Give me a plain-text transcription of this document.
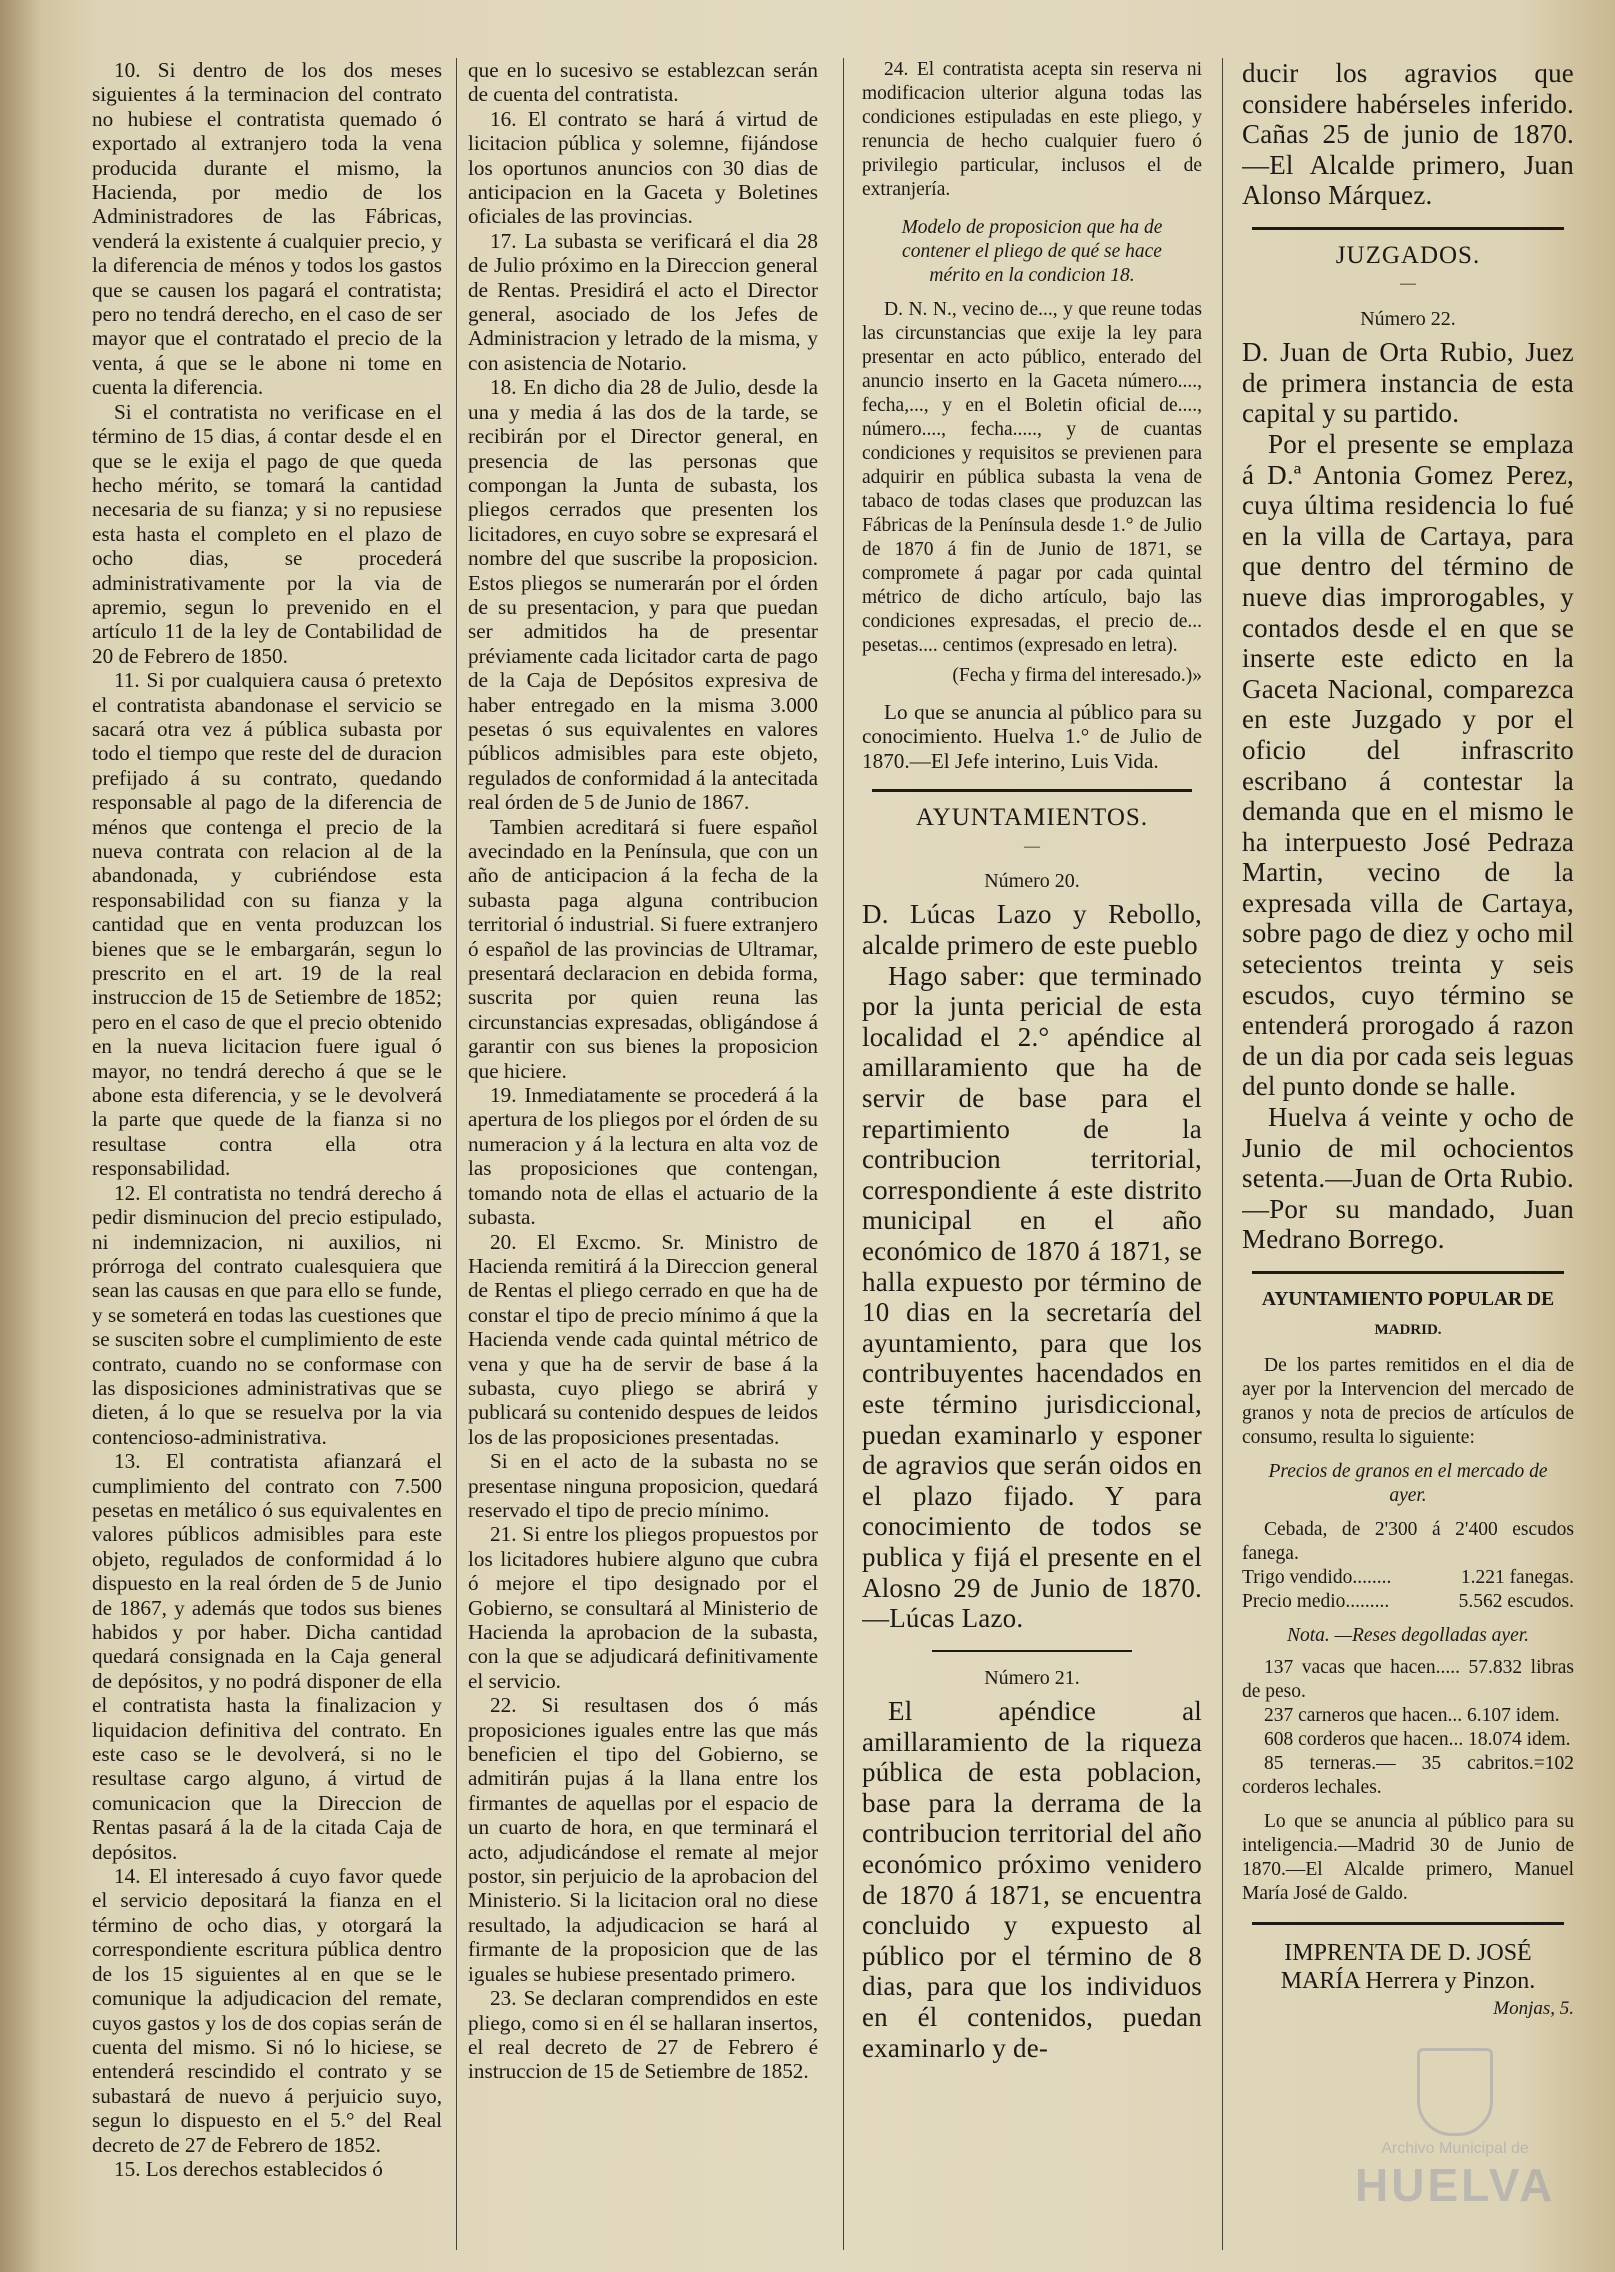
10. Si dentro de los dos meses siguientes á la terminacion del contrato no hubiese el contratista quemado ó exportado al extranjero toda la vena producida durante el mismo, la Hacienda, por medio de los Administradores de las Fábricas, venderá la existente á cualquier precio, y la diferencia de ménos y todos los gastos que se causen los pagará el contratista; pero no tendrá derecho, en el caso de ser mayor que el contratado el precio de la venta, á que se le abone ni tome en cuenta la diferencia.

Si el contratista no verificase en el término de 15 dias, á contar desde el en que se le exija el pago de que queda hecho mérito, se tomará la cantidad necesaria de su fianza; y si no repusiese esta hasta el completo en el plazo de ocho dias, se procederá administrativamente por la via de apremio, segun lo prevenido en el artículo 11 de la ley de Contabilidad de 20 de Febrero de 1850.

11. Si por cualquiera causa ó pretexto el contratista abandonase el servicio se sacará otra vez á pública subasta por todo el tiempo que reste del de duracion prefijado á su contrato, quedando responsable al pago de la diferencia de ménos que contenga el precio de la nueva contrata con relacion al de la abandonada, y cubriéndose esta responsabilidad con su fianza y la cantidad que en venta produzcan los bienes que se le embargarán, segun lo prescrito en el art. 19 de la real instruccion de 15 de Setiembre de 1852; pero en el caso de que el precio obtenido en la nueva licitacion fuere igual ó mayor, no tendrá derecho á que se le abone esta diferencia, y se le devolverá la parte que quede de la fianza si no resultase contra ella otra responsabilidad.

12. El contratista no tendrá derecho á pedir disminucion del precio estipulado, ni indemnizacion, ni auxilios, ni prórroga del contrato cualesquiera que sean las causas en que para ello se funde, y se someterá en todas las cuestiones que se susciten sobre el cumplimiento de este contrato, cuando no se conformase con las disposiciones administrativas que se dieten, á lo que se resuelva por la via contencioso-administrativa.

13. El contratista afianzará el cumplimiento del contrato con 7.500 pesetas en metálico ó sus equivalentes en valores públicos admisibles para este objeto, regulados de conformidad á lo dispuesto en la real órden de 5 de Junio de 1867, y además que todos sus bienes habidos y por haber. Dicha cantidad quedará consignada en la Caja general de depósitos, y no podrá disponer de ella el contratista hasta la finalizacion y liquidacion definitiva del contrato. En este caso se le devolverá, si no le resultase cargo alguno, á virtud de comunicacion que la Direccion de Rentas pasará á la de la citada Caja de depósitos.

14. El interesado á cuyo favor quede el servicio depositará la fianza en el término de ocho dias, y otorgará la correspondiente escritura pública dentro de los 15 siguientes al en que se le comunique la adjudicacion del remate, cuyos gastos y los de dos copias serán de cuenta del mismo. Si nó lo hiciese, se entenderá rescindido el contrato y se subastará de nuevo á perjuicio suyo, segun lo dispuesto en el 5.° del Real decreto de 27 de Febrero de 1852.

15. Los derechos establecidos ó

que en lo sucesivo se establezcan serán de cuenta del contratista.

16. El contrato se hará á virtud de licitacion pública y solemne, fijándose los oportunos anuncios con 30 dias de anticipacion en la Gaceta y Boletines oficiales de las provincias.

17. La subasta se verificará el dia 28 de Julio próximo en la Direccion general de Rentas. Presidirá el acto el Director general, asociado de los Jefes de Administracion y letrado de la misma, y con asistencia de Notario.

18. En dicho dia 28 de Julio, desde la una y media á las dos de la tarde, se recibirán por el Director general, en presencia de las personas que compongan la Junta de subasta, los pliegos cerrados que presenten los licitadores, en cuyo sobre se expresará el nombre del que suscribe la proposicion. Estos pliegos se numerarán por el órden de su presentacion, y para que puedan ser admitidos ha de presentar préviamente cada licitador carta de pago de la Caja de Depósitos expresiva de haber entregado en la misma 3.000 pesetas ó sus equivalentes en valores públicos admisibles para este objeto, regulados de conformidad á la antecitada real órden de 5 de Junio de 1867.

Tambien acreditará si fuere español avecindado en la Península, que con un año de anticipacion á la fecha de la subasta paga alguna contribucion territorial ó industrial. Si fuere extranjero ó español de las provincias de Ultramar, presentará declaracion en debida forma, suscrita por quien reuna las circunstancias expresadas, obligándose á garantir con sus bienes la proposicion que hiciere.

19. Inmediatamente se procederá á la apertura de los pliegos por el órden de su numeracion y á la lectura en alta voz de las proposiciones que contengan, tomando nota de ellas el actuario de la subasta.

20. El Excmo. Sr. Ministro de Hacienda remitirá á la Direccion general de Rentas el pliego cerrado en que ha de constar el tipo de precio mínimo á que la Hacienda vende cada quintal métrico de vena y que ha de servir de base á la subasta, cuyo pliego se abrirá y publicará su contenido despues de leidos los de las proposiciones presentadas.

Si en el acto de la subasta no se presentase ninguna proposicion, quedará reservado el tipo de precio mínimo.

21. Si entre los pliegos propuestos por los licitadores hubiere alguno que cubra ó mejore el tipo designado por el Gobierno, se consultará al Ministerio de Hacienda la aprobacion de la subasta, con la que se adjudicará definitivamente el servicio.

22. Si resultasen dos ó más proposiciones iguales entre las que más beneficien el tipo del Gobierno, se admitirán pujas á la llana entre los firmantes de aquellas por el espacio de un cuarto de hora, en que terminará el acto, adjudicándose el remate al mejor postor, sin perjuicio de la aprobacion del Ministerio. Si la licitacion oral no diese resultado, la adjudicacion se hará al firmante de la proposicion que de las iguales se hubiese presentado primero.

23. Se declaran comprendidos en este pliego, como si en él se hallaran insertos, el real decreto de 27 de Febrero é instruccion de 15 de Setiembre de 1852.

24. El contratista acepta sin reserva ni modificacion ulterior alguna todas las condiciones estipuladas en este pliego, y renuncia de hecho cualquier fuero ó privilegio particular, inclusos el de extranjería.

Modelo de proposicion que ha de contener el pliego de qué se hace mérito en la condicion 18.

D. N. N., vecino de..., y que reune todas las circunstancias que exije la ley para presentar en acto público, enterado del anuncio inserto en la Gaceta número...., fecha,..., y en el Boletin oficial de...., número...., fecha....., y de cuantas condiciones y requisitos se previenen para adquirir en pública subasta la vena de tabaco de todas clases que produzcan las Fábricas de la Península desde 1.° de Julio de 1870 á fin de Junio de 1871, se compromete á pagar por cada quintal métrico de dicho artículo, bajo las condiciones expresadas, el precio de... pesetas.... centimos (expresado en letra).

(Fecha y firma del interesado.)»

Lo que se anuncia al público para su conocimiento. Huelva 1.° de Julio de 1870.—El Jefe interino, Luis Vida.

AYUNTAMIENTOS.
—
Número 20.

D. Lúcas Lazo y Rebollo, alcalde primero de este pueblo

Hago saber: que terminado por la junta pericial de esta localidad el 2.° apéndice al amillaramiento que ha de servir de base para el repartimiento de la contribucion territorial, correspondiente á este distrito municipal en el año económico de 1870 á 1871, se halla expuesto por término de 10 dias en la secretaría del ayuntamiento, para que los contribuyentes hacendados en este término jurisdiccional, puedan examinarlo y esponer de agravios que serán oidos en el plazo fijado. Y para conocimiento de todos se publica y fijá el presente en el Alosno 29 de Junio de 1870.—Lúcas Lazo.

Número 21.

El apéndice al amillaramiento de la riqueza pública de esta poblacion, base para la derrama de la contribucion territorial del año económico próximo venidero de 1870 á 1871, se encuentra concluido y expuesto al público por el término de 8 dias, para que los individuos en él contenidos, puedan examinarlo y de-

ducir los agravios que considere habérseles inferido. Cañas 25 de junio de 1870. —El Alcalde primero, Juan Alonso Márquez.

JUZGADOS.
—
Número 22.

D. Juan de Orta Rubio, Juez de primera instancia de esta capital y su partido.

Por el presente se emplaza á D.ª Antonia Gomez Perez, cuya última residencia lo fué en la villa de Cartaya, para que dentro del término de nueve dias improrogables, y contados desde el en que se inserte este edicto en la Gaceta Nacional, comparezca en este Juzgado y por el oficio del infrascrito escribano á contestar la demanda que en el mismo le ha interpuesto José Pedraza Martin, vecino de la expresada villa de Cartaya, sobre pago de diez y ocho mil setecientos treinta y seis escudos, cuyo término se entenderá prorogado á razon de un dia por cada seis leguas del punto donde se halle.

Huelva á veinte y ocho de Junio de mil ochocientos setenta.—Juan de Orta Rubio. —Por su mandado, Juan Medrano Borrego.

AYUNTAMIENTO POPULAR DE
MADRID.

De los partes remitidos en el dia de ayer por la Intervencion del mercado de granos y nota de precios de artículos de consumo, resulta lo siguiente:

Precios de granos en el mercado de ayer.

Cebada, de 2'300 á 2'400 escudos fanega.

Trigo vendido........	1.221 fanegas.
Precio medio.........	5.562 escudos.

Nota. —Reses degolladas ayer.

137 vacas que hacen..... 57.832 libras de peso.

237 carneros que hacen... 6.107 idem.

608 corderos que hacen... 18.074 idem.

85 terneras.— 35 cabritos.=102 corderos lechales.

Lo que se anuncia al público para su inteligencia.—Madrid 30 de Junio de 1870.—El Alcalde primero, Manuel María José de Galdo.

IMPRENTA DE D. JOSÉ MARÍA Herrera y Pinzon.

Monjas, 5.

Archivo Municipal de
HUELVA
